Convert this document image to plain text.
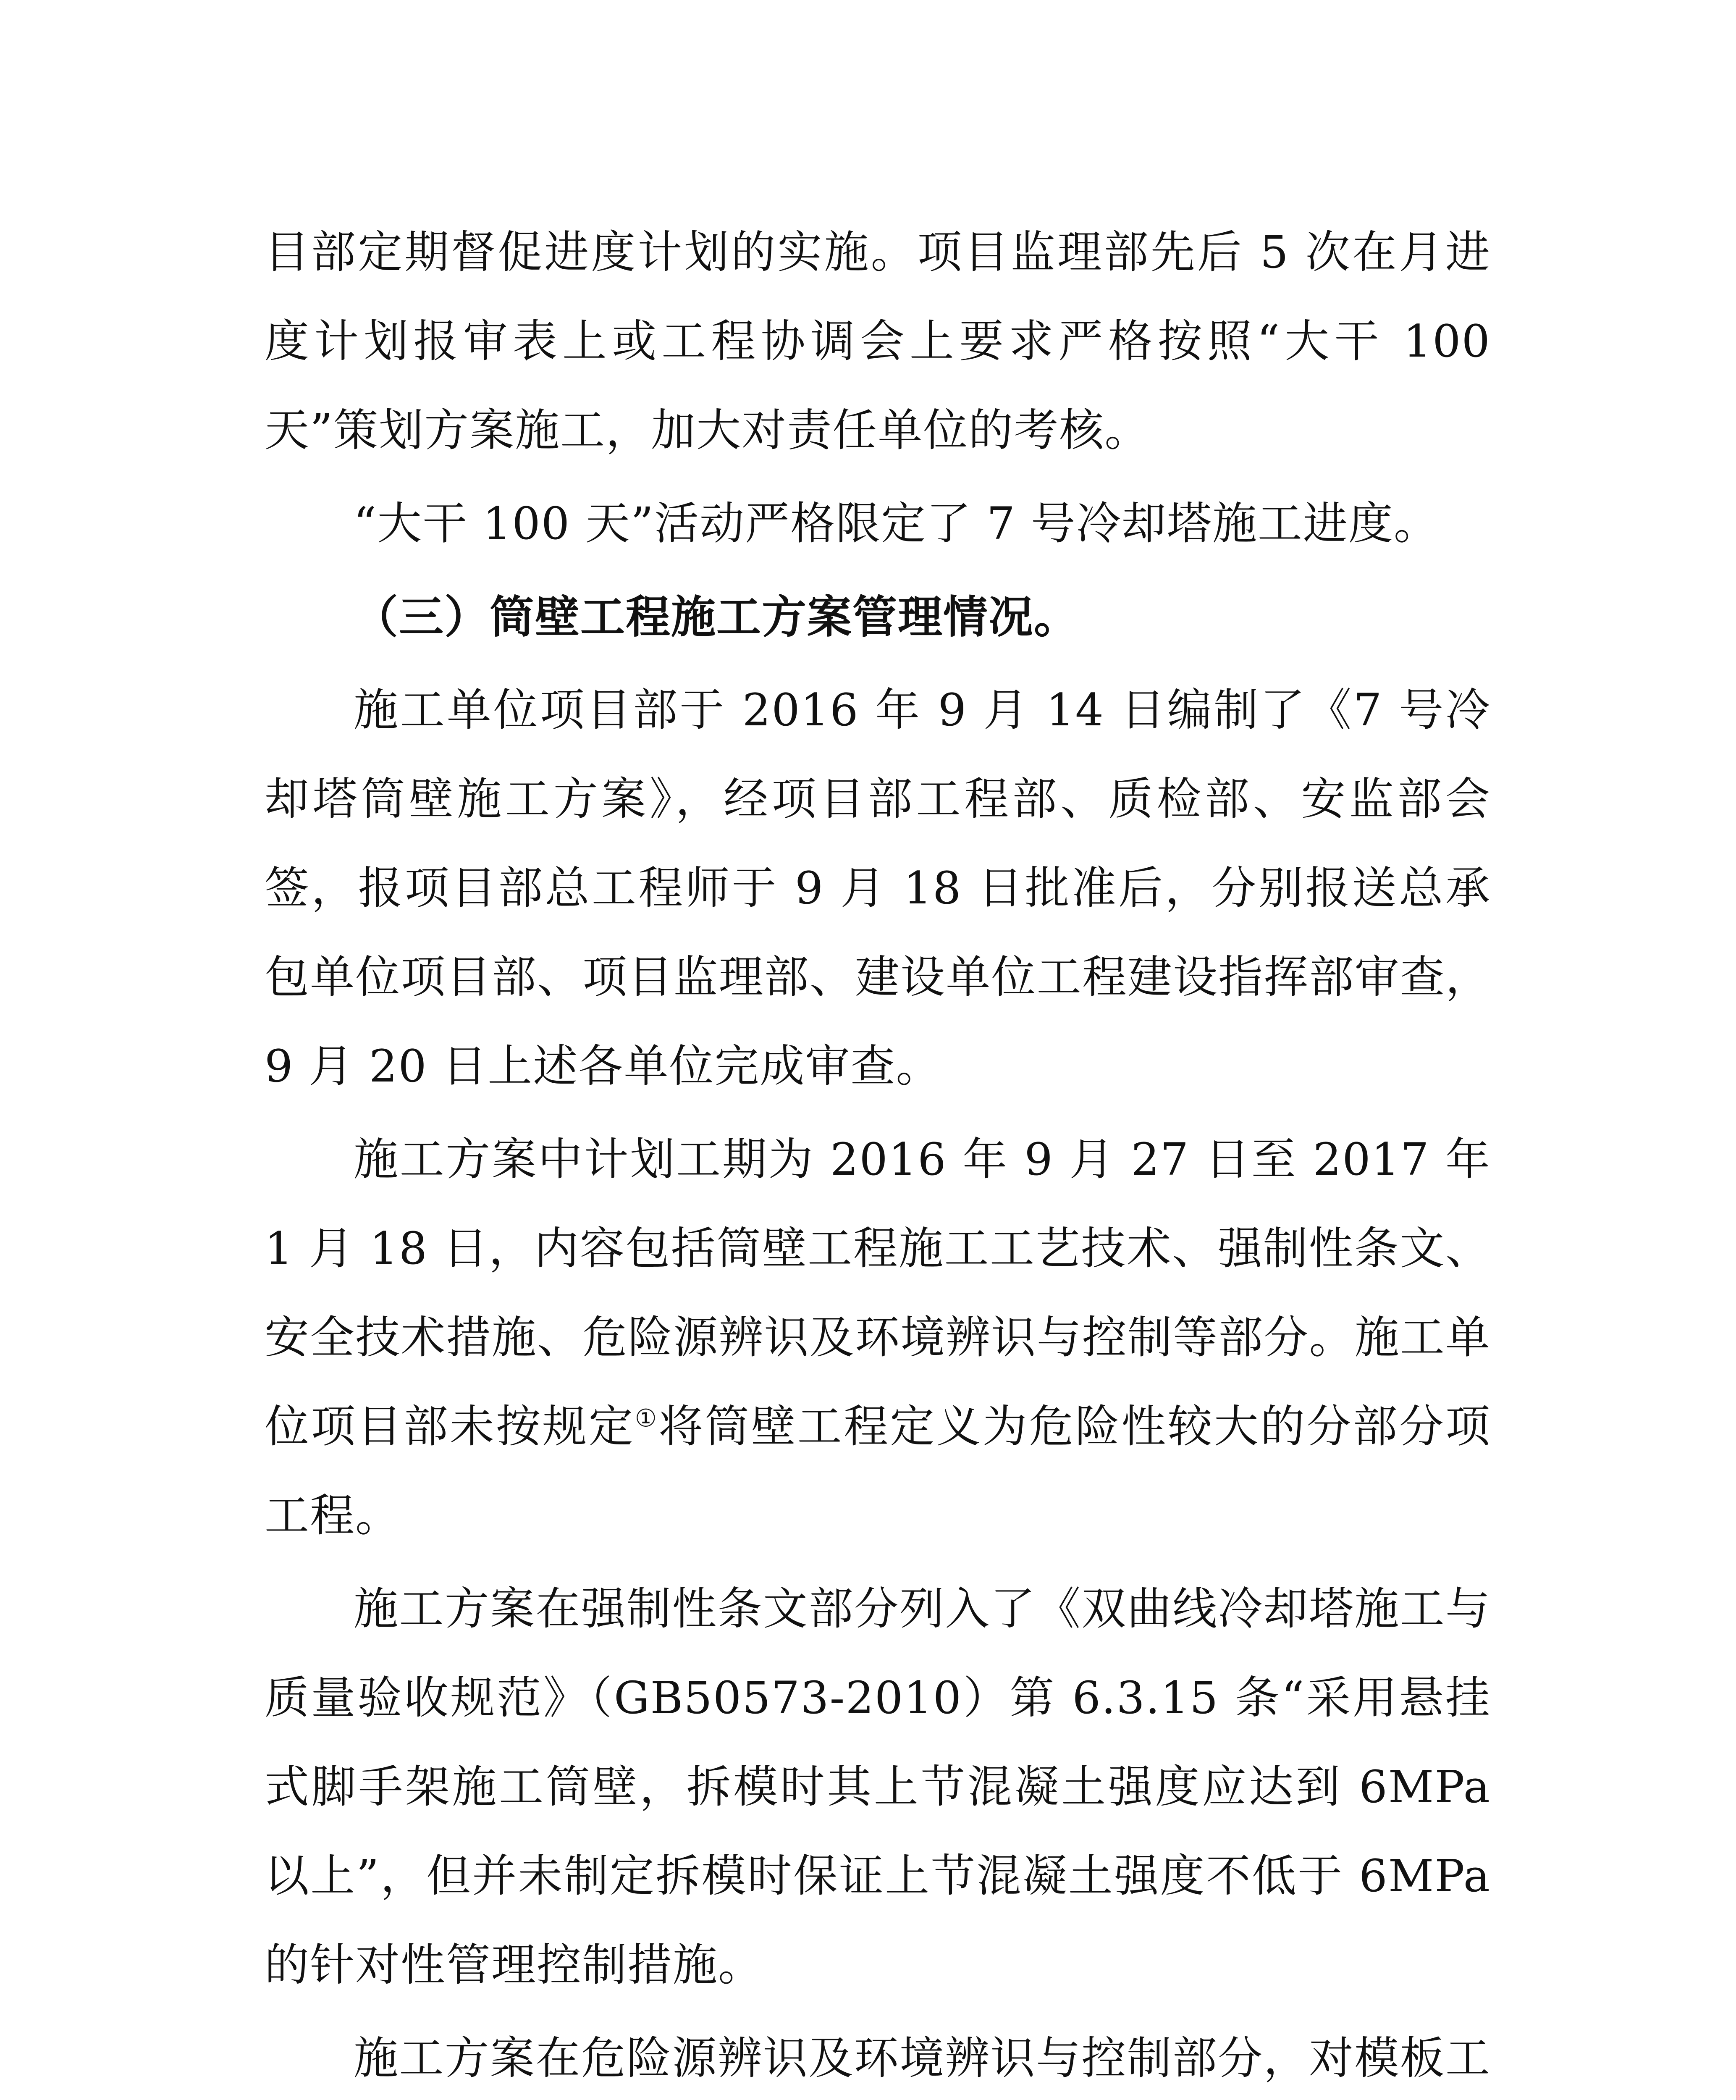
目部定期督促进度计划的实施。项目监理部先后 5 次在月进度计划报审表上或工程协调会上要求严格按照“大干 100 天”策划方案施工，加大对责任单位的考核。

“大干 100 天”活动严格限定了 7 号冷却塔施工进度。

（三）筒壁工程施工方案管理情况。

施工单位项目部于 2016 年 9 月 14 日编制了《7 号冷却塔筒壁施工方案》，经项目部工程部、质检部、安监部会签，报项目部总工程师于 9 月 18 日批准后，分别报送总承包单位项目部、项目监理部、建设单位工程建设指挥部审查，9 月 20 日上述各单位完成审查。

施工方案中计划工期为 2016 年 9 月 27 日至 2017 年 1 月 18 日，内容包括筒壁工程施工工艺技术、强制性条文、安全技术措施、危险源辨识及环境辨识与控制等部分。施工单位项目部未按规定①将筒壁工程定义为危险性较大的分部分项工程。

施工方案在强制性条文部分列入了《双曲线冷却塔施工与质量验收规范》（GB50573-2010）第 6.3.15 条“采用悬挂式脚手架施工筒壁，拆模时其上节混凝土强度应达到 6MPa 以上”，但并未制定拆模时保证上节混凝土强度不低于 6MPa 的针对性管理控制措施。

施工方案在危险源辨识及环境辨识与控制部分，对模板工
